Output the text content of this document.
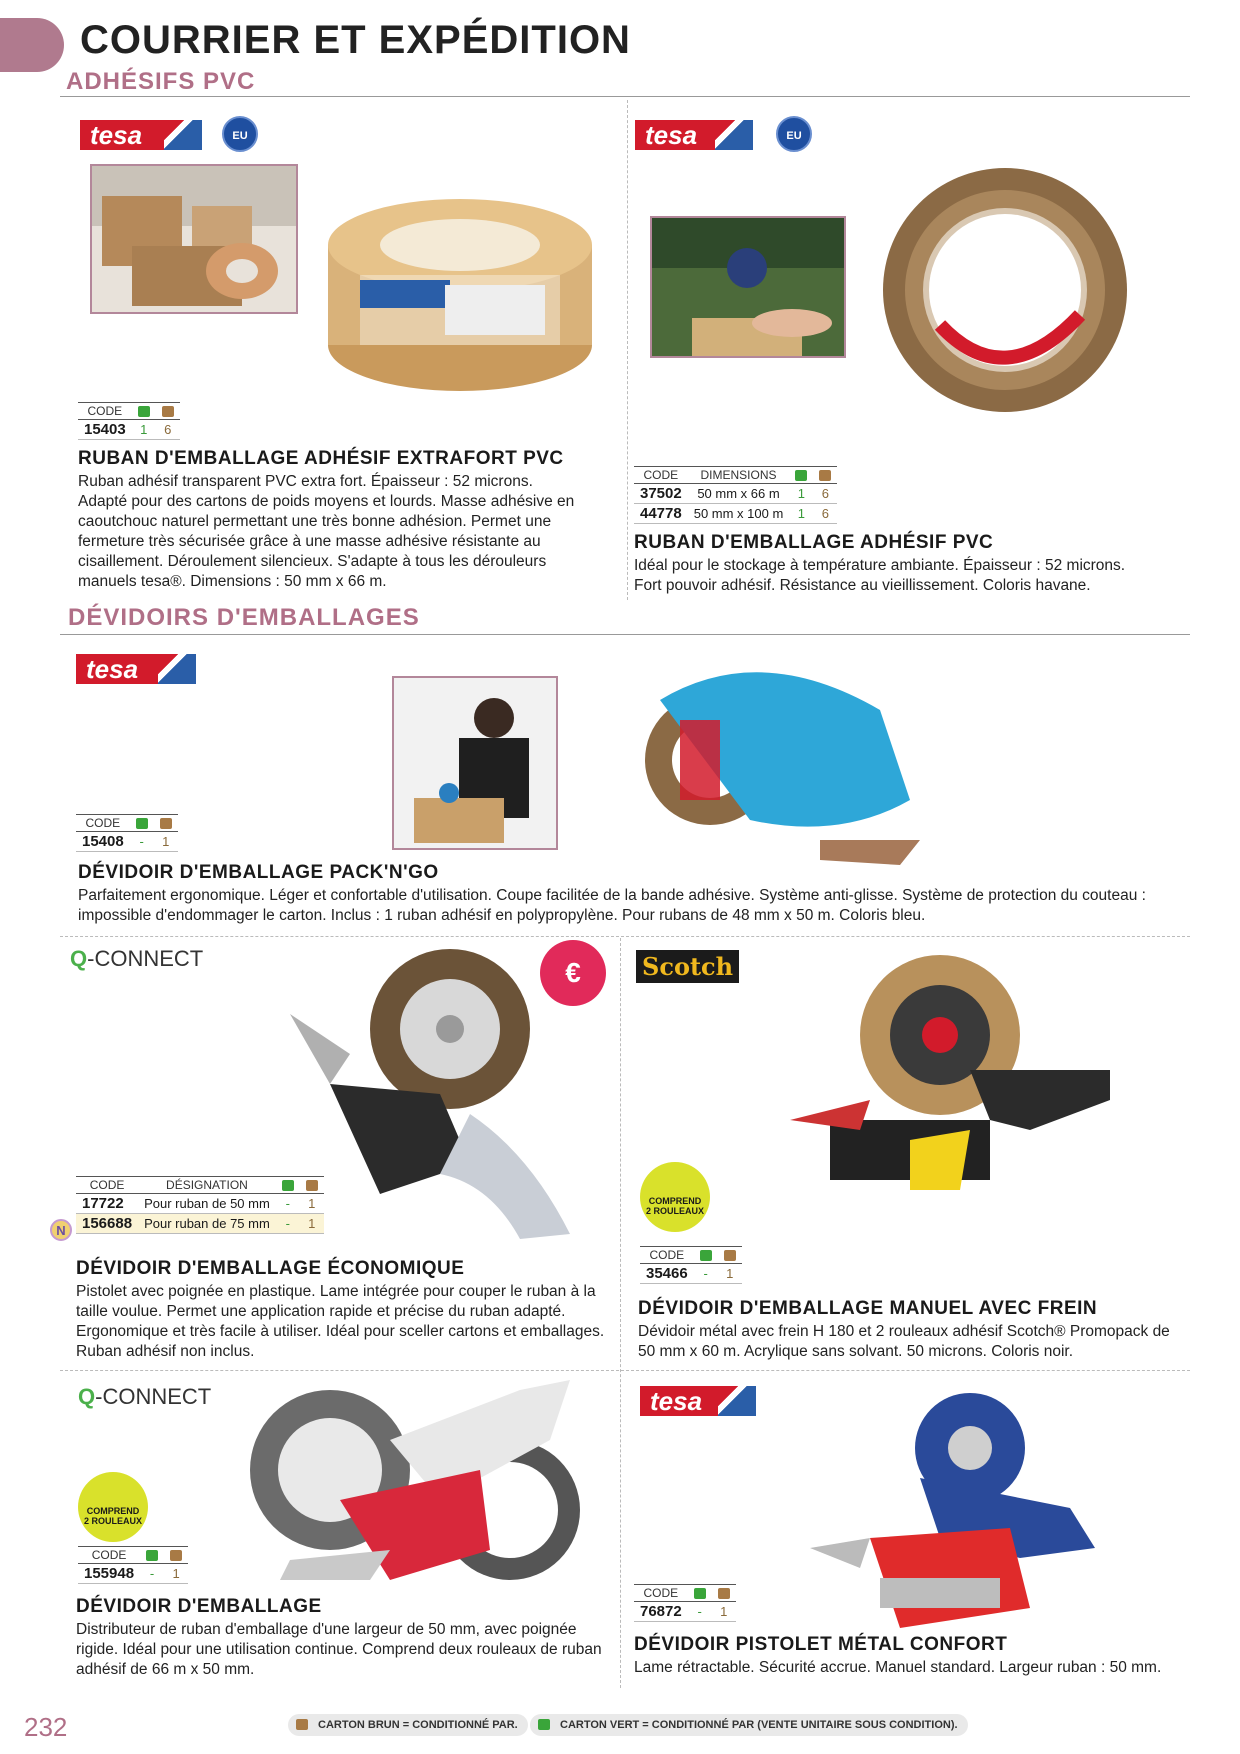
COURRIER ET EXPÉDITION
ADHÉSIFS PVC
tesa	EU
CODE		
15403	1	6
RUBAN D'EMBALLAGE ADHÉSIF EXTRAFORT PVC
Ruban adhésif transparent PVC extra fort. Épaisseur : 52 microns. Adapté pour des cartons de poids moyens et lourds. Masse adhésive en caoutchouc naturel permettant une très bonne adhésion. Permet une fermeture très sécurisée grâce à une masse adhésive résistante au cisaillement. Déroulement silencieux. S'adapte à tous les dérouleurs manuels tesa®. Dimensions : 50 mm x 66 m.
tesa	EU
CODE	DIMENSIONS		
37502	50 mm x 66 m	1	6
44778	50 mm x 100 m	1	6
RUBAN D'EMBALLAGE ADHÉSIF PVC
Idéal pour le stockage à température ambiante. Épaisseur : 52 microns. Fort pouvoir adhésif. Résistance au vieillissement. Coloris havane.
DÉVIDOIRS D'EMBALLAGES
tesa
CODE		
15408	-	1
DÉVIDOIR D'EMBALLAGE PACK'N'GO
Parfaitement ergonomique. Léger et confortable d'utilisation. Coupe facilitée de la bande adhésive. Système anti-glisse. Système de protection du couteau : impossible d'endommager le carton. Inclus : 1 ruban adhésif en polypropylène. Pour rubans de 48 mm x 50 m. Coloris bleu.
Q-CONNECT	€
CODE	DÉSIGNATION		
17722	Pour ruban de 50 mm	-	1
156688	Pour ruban de 75 mm	-	1
N
DÉVIDOIR D'EMBALLAGE ÉCONOMIQUE
Pistolet avec poignée en plastique. Lame intégrée pour couper le ruban à la taille voulue. Permet une application rapide et précise du ruban adapté. Ergonomique et très facile à utiliser. Idéal pour sceller cartons et emballages. Ruban adhésif non inclus.
Scotch
COMPREND
2 ROULEAUX
CODE		
35466	-	1
DÉVIDOIR D'EMBALLAGE MANUEL AVEC FREIN
Dévidoir métal avec frein H 180 et 2 rouleaux adhésif Scotch® Promopack de 50 mm x 60 m. Acrylique sans solvant. 50 microns. Coloris noir.
Q-CONNECT
COMPREND
2 ROULEAUX
CODE		
155948	-	1
DÉVIDOIR D'EMBALLAGE
Distributeur de ruban d'emballage d'une largeur de 50 mm, avec poignée rigide. Idéal pour une utilisation continue. Comprend deux rouleaux de ruban adhésif de 66 m x 50 mm.
tesa
CODE		
76872	-	1
DÉVIDOIR PISTOLET MÉTAL CONFORT
Lame rétractable. Sécurité accrue. Manuel standard. Largeur ruban : 50 mm.
232	CARTON BRUN = CONDITIONNÉ PAR.	CARTON VERT = CONDITIONNÉ PAR (VENTE UNITAIRE SOUS CONDITION).
